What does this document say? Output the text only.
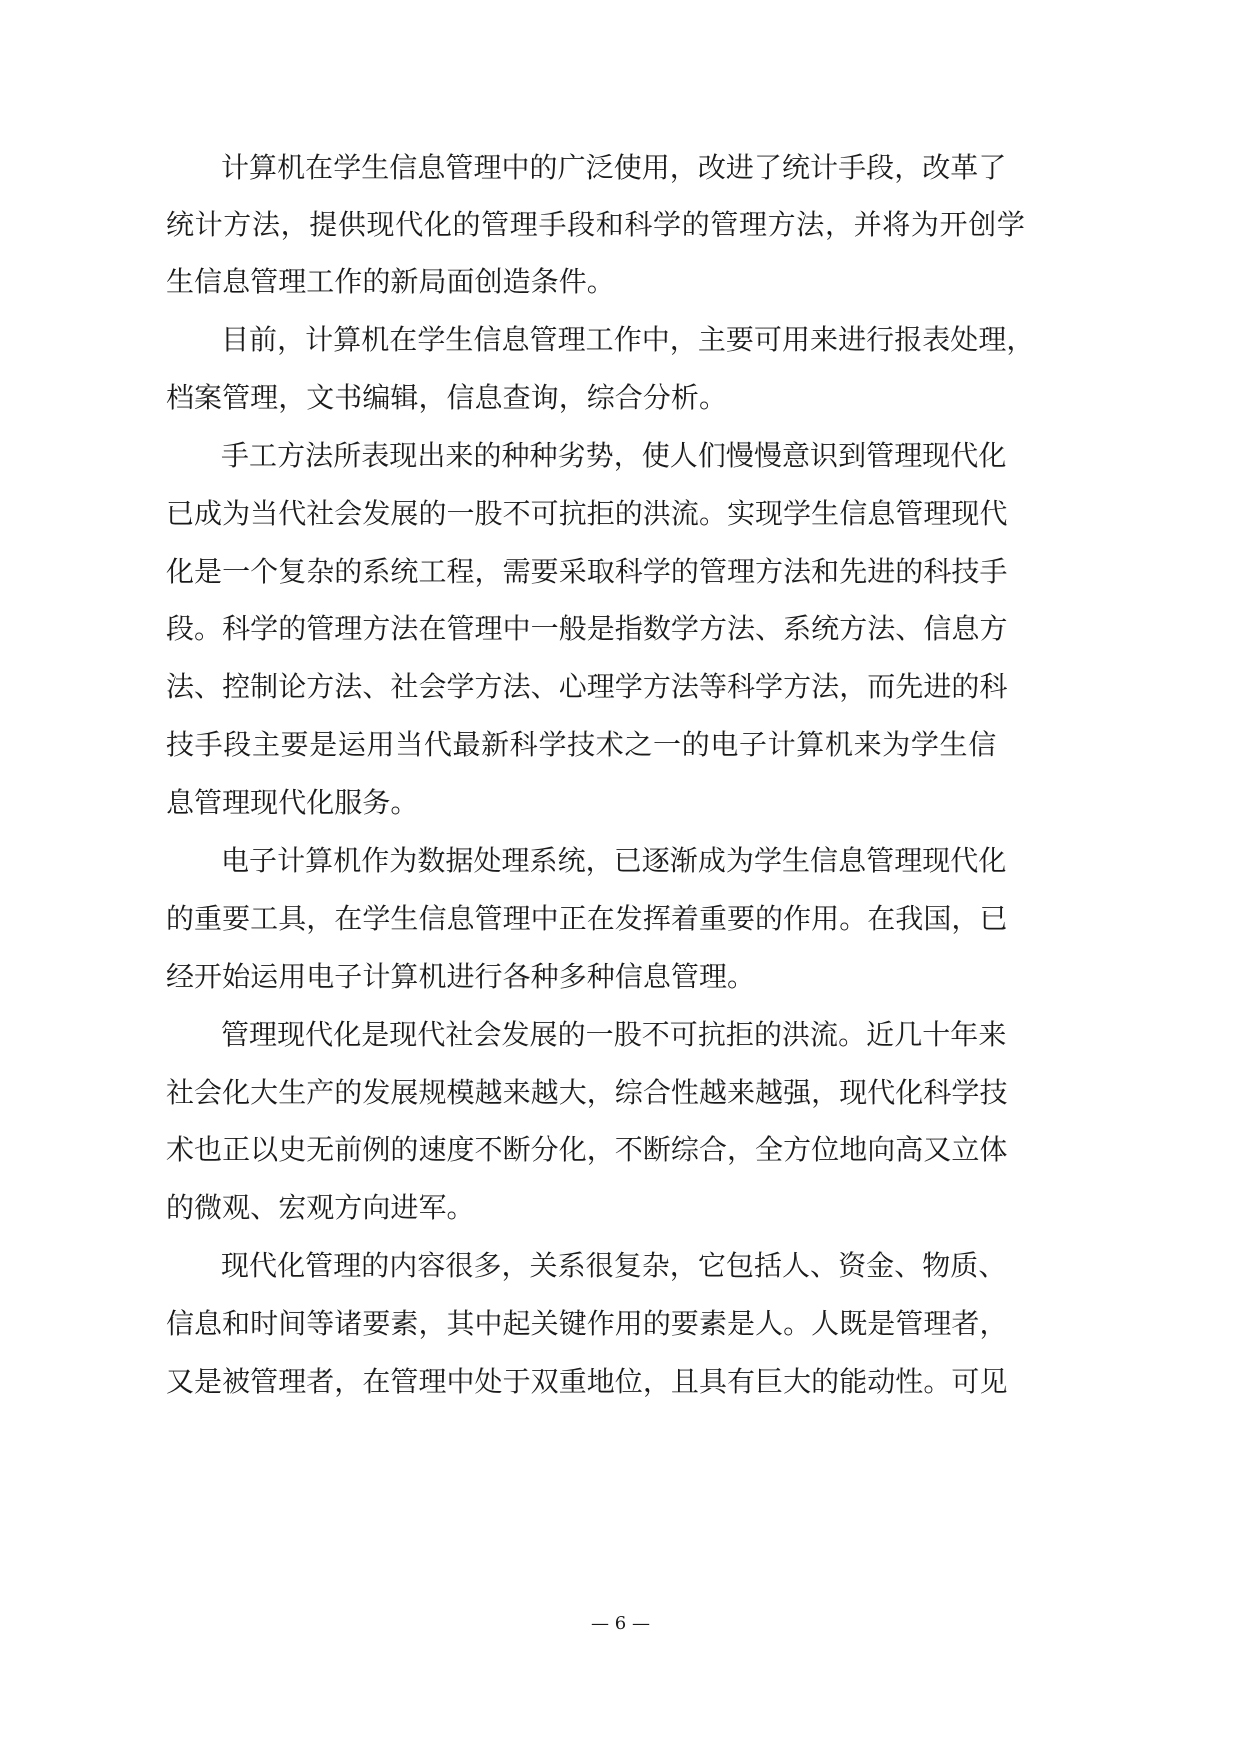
计算机在学生信息管理中的广泛使用，改进了统计手段，改革了
统计方法，提供现代化的管理手段和科学的管理方法，并将为开创学
生信息管理工作的新局面创造条件。
目前，计算机在学生信息管理工作中，主要可用来进行报表处理，
档案管理，文书编辑，信息查询，综合分析。
手工方法所表现出来的种种劣势，使人们慢慢意识到管理现代化
已成为当代社会发展的一股不可抗拒的洪流。实现学生信息管理现代
化是一个复杂的系统工程，需要采取科学的管理方法和先进的科技手
段。科学的管理方法在管理中一般是指数学方法、系统方法、信息方
法、控制论方法、社会学方法、心理学方法等科学方法，而先进的科
技手段主要是运用当代最新科学技术之一的电子计算机来为学生信
息管理现代化服务。
电子计算机作为数据处理系统，已逐渐成为学生信息管理现代化
的重要工具，在学生信息管理中正在发挥着重要的作用。在我国，已
经开始运用电子计算机进行各种多种信息管理。
管理现代化是现代社会发展的一股不可抗拒的洪流。近几十年来
社会化大生产的发展规模越来越大，综合性越来越强，现代化科学技
术也正以史无前例的速度不断分化，不断综合，全方位地向高又立体
的微观、宏观方向进军。
现代化管理的内容很多，关系很复杂，它包括人、资金、物质、
信息和时间等诸要素，其中起关键作用的要素是人。人既是管理者，
又是被管理者，在管理中处于双重地位，且具有巨大的能动性。可见
— 6 —
